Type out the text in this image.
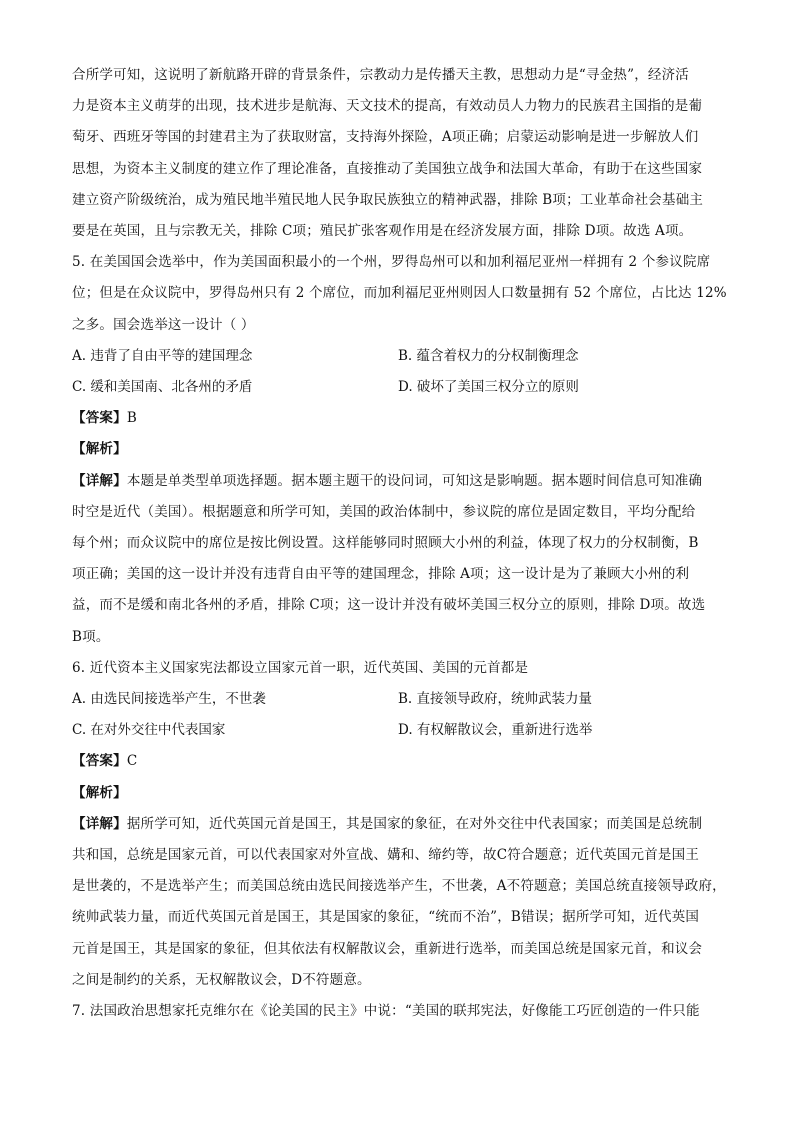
合所学可知，这说明了新航路开辟的背景条件，宗教动力是传播天主教，思想动力是“寻金热”，经济活
力是资本主义萌芽的出现，技术进步是航海、天文技术的提高，有效动员人力物力的民族君主国指的是葡
萄牙、西班牙等国的封建君主为了获取财富，支持海外探险，A项正确；启蒙运动影响是进一步解放人们
思想，为资本主义制度的建立作了理论准备，直接推动了美国独立战争和法国大革命，有助于在这些国家
建立资产阶级统治，成为殖民地半殖民地人民争取民族独立的精神武器，排除 B项；工业革命社会基础主
要是在英国，且与宗教无关，排除 C项；殖民扩张客观作用是在经济发展方面，排除 D项。故选 A项。

5. 在美国国会选举中，作为美国面积最小的一个州，罗得岛州可以和加利福尼亚州一样拥有 2 个参议院席
位；但是在众议院中，罗得岛州只有 2 个席位，而加利福尼亚州则因人口数量拥有 52 个席位，占比达 12%
之多。国会选举这一设计（ ）

A. 违背了自由平等的建国理念	B. 蕴含着权力的分权制衡理念
C. 缓和美国南、北各州的矛盾	D. 破坏了美国三权分立的原则

【答案】B

【解析】

【详解】本题是单类型单项选择题。据本题主题干的设问词，可知这是影响题。据本题时间信息可知准确
时空是近代（美国）。根据题意和所学可知，美国的政治体制中，参议院的席位是固定数目，平均分配给
每个州；而众议院中的席位是按比例设置。这样能够同时照顾大小州的利益，体现了权力的分权制衡，B
项正确；美国的这一设计并没有违背自由平等的建国理念，排除 A项；这一设计是为了兼顾大小州的利
益，而不是缓和南北各州的矛盾，排除 C项；这一设计并没有破坏美国三权分立的原则，排除 D项。故选
B项。

6. 近代资本主义国家宪法都设立国家元首一职，近代英国、美国的元首都是

A. 由选民间接选举产生，不世袭	B. 直接领导政府，统帅武装力量
C. 在对外交往中代表国家	D. 有权解散议会，重新进行选举

【答案】C

【解析】

【详解】据所学可知，近代英国元首是国王，其是国家的象征，在对外交往中代表国家；而美国是总统制
共和国，总统是国家元首，可以代表国家对外宣战、媾和、缔约等，故C符合题意；近代英国元首是国王
是世袭的，不是选举产生；而美国总统由选民间接选举产生，不世袭，A不符题意；美国总统直接领导政府，
统帅武装力量，而近代英国元首是国王，其是国家的象征，“统而不治”，B错误；据所学可知，近代英国
元首是国王，其是国家的象征，但其依法有权解散议会，重新进行选举，而美国总统是国家元首，和议会
之间是制约的关系，无权解散议会，D不符题意。

7. 法国政治思想家托克维尔在《论美国的民主》中说：“美国的联邦宪法，好像能工巧匠创造的一件只能
